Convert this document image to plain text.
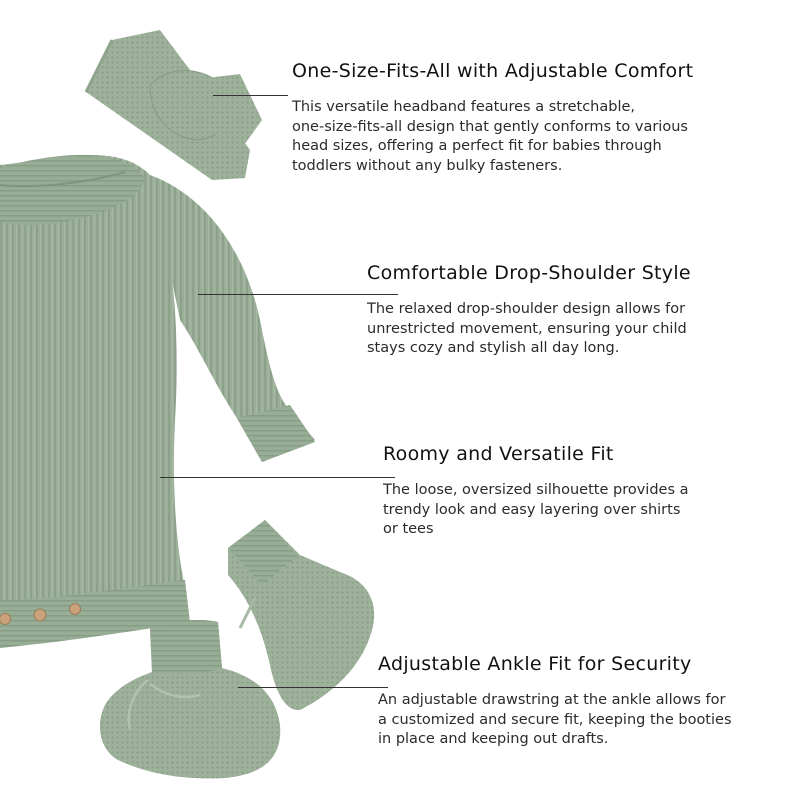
One-Size-Fits-All with Adjustable Comfort

This versatile headband features a stretchable,
one-size-fits-all design that gently conforms to various
head sizes, offering a perfect fit for babies through
toddlers without any bulky fasteners.

Comfortable Drop-Shoulder Style

The relaxed drop-shoulder design allows for
unrestricted movement, ensuring your child
stays cozy and stylish all day long.

Roomy and Versatile Fit

The loose, oversized silhouette provides a
trendy look and easy layering over shirts
or tees

Adjustable Ankle Fit for Security

An adjustable drawstring at the ankle allows for
a customized and secure fit, keeping the booties
in place and keeping out drafts.
